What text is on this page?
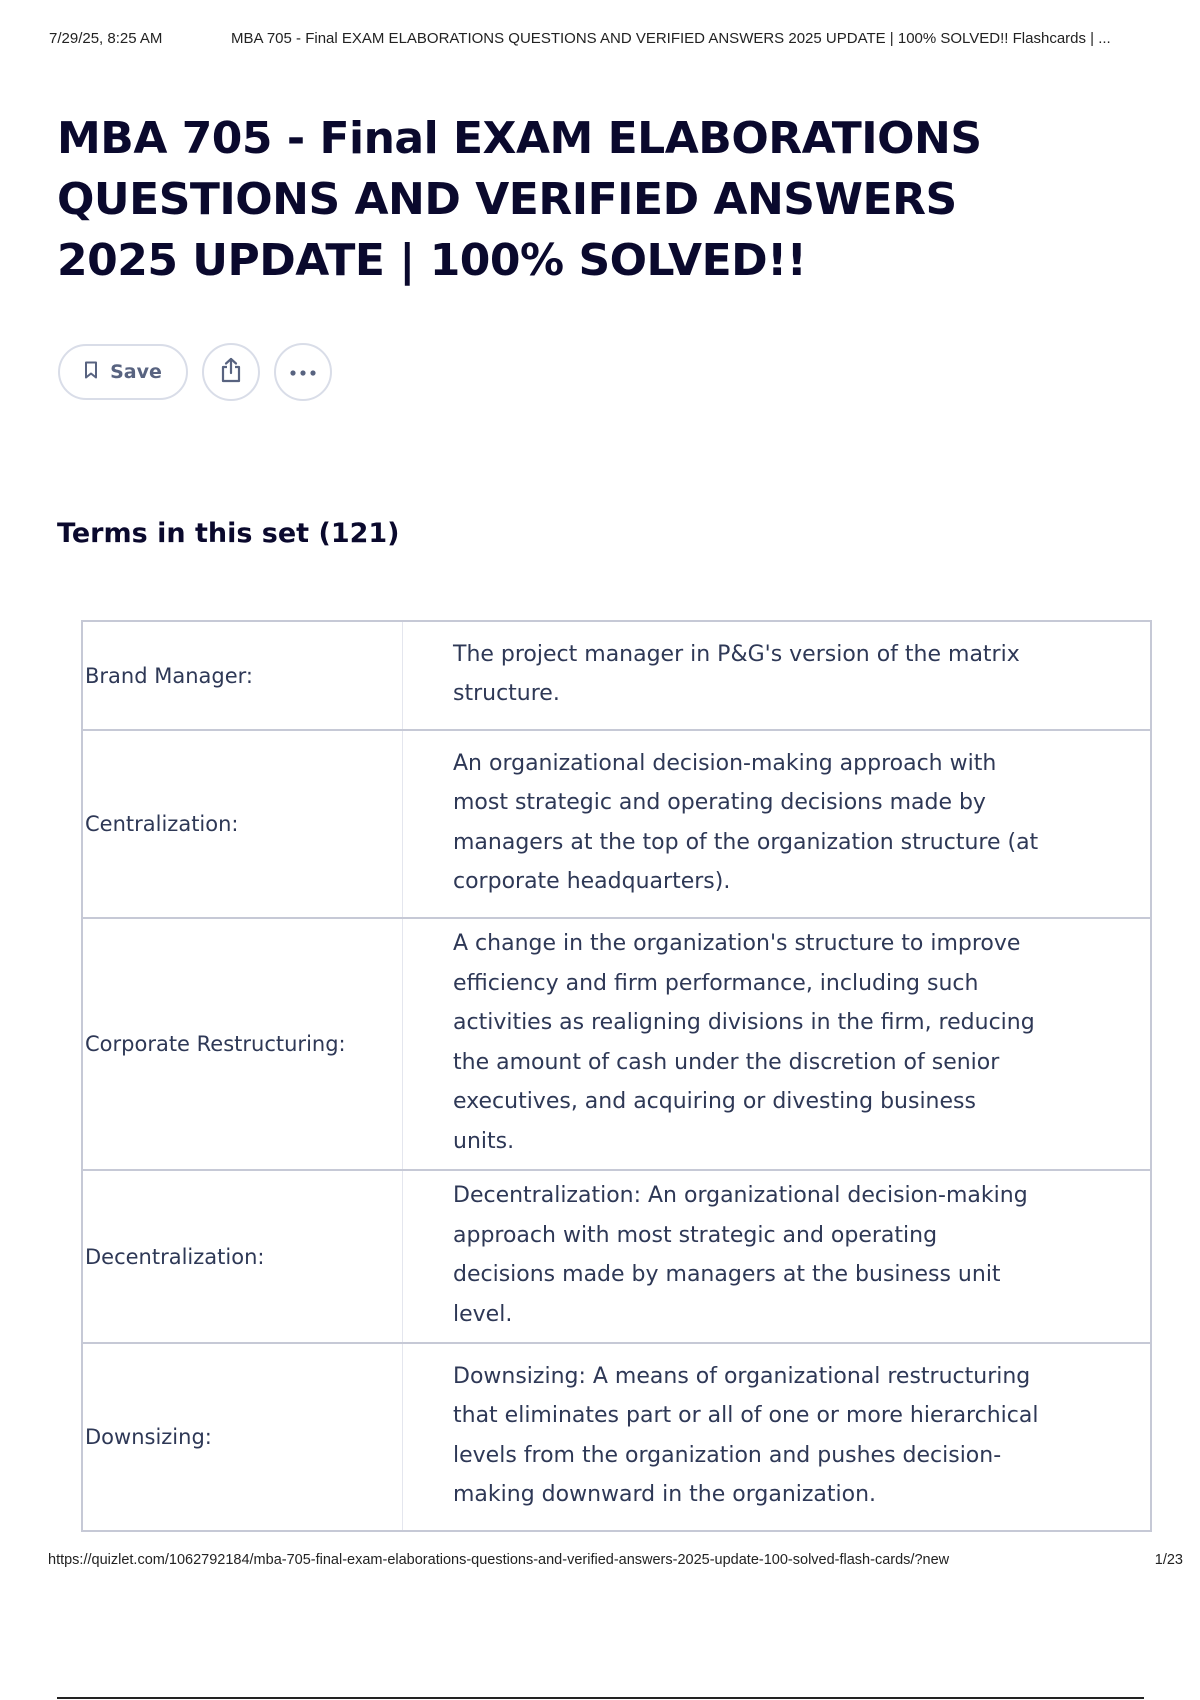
7/29/25, 8:25 AM	MBA 705 - Final EXAM ELABORATIONS QUESTIONS AND VERIFIED ANSWERS 2025 UPDATE | 100% SOLVED!! Flashcards | ...
MBA 705 - Final EXAM ELABORATIONS QUESTIONS AND VERIFIED ANSWERS 2025 UPDATE | 100% SOLVED!!
Save
Terms in this set (121)
Brand Manager:	The project manager in P&G's version of the matrix structure.

Centralization:	An organizational decision-making approach with most strategic and operating decisions made by managers at the top of the organization structure (at corporate headquarters).

Corporate Restructuring:	A change in the organization's structure to improve efficiency and firm performance, including such activities as realigning divisions in the firm, reducing the amount of cash under the discretion of senior executives, and acquiring or divesting business units.

Decentralization:	Decentralization: An organizational decision-making approach with most strategic and operating decisions made by managers at the business unit level.

Downsizing:	Downsizing: A means of organizational restructuring that eliminates part or all of one or more hierarchical levels from the organization and pushes decision-making downward in the organization.
https://quizlet.com/1062792184/mba-705-final-exam-elaborations-questions-and-verified-answers-2025-update-100-solved-flash-cards/?new	1/23
